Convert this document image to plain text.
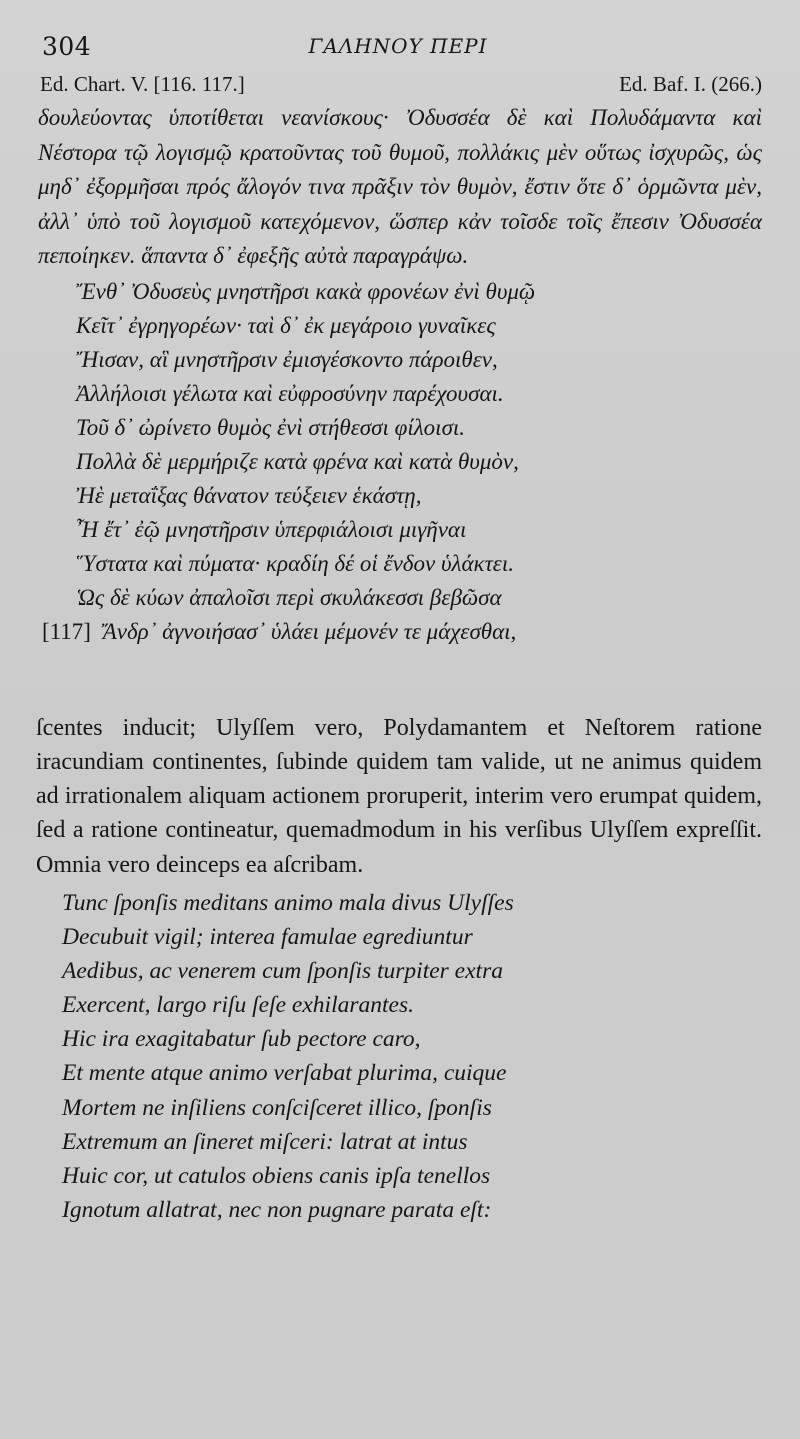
304	ΓΑΛΗΝΟΥ ΠΕΡΙ
Ed. Chart. V. [116. 117.]	Ed. Baf. I. (266.)

δουλεύοντας ὑποτίθεται νεανίσκους· Ὀδυσσέα δὲ καὶ Πολυδάμαντα καὶ Νέστορα τῷ λογισμῷ κρατοῦντας τοῦ θυμοῦ, πολλάκις μὲν οὕτως ἰσχυρῶς, ὡς μηδ᾽ ἐξορμῆσαι πρός ἄλογόν τινα πρᾶξιν τὸν θυμὸν, ἔστιν ὅτε δ᾽ ὁρμῶντα μὲν, ἀλλ᾽ ὑπὸ τοῦ λογισμοῦ κατεχόμενον, ὥσπερ κἀν τοῖσδε τοῖς ἔπεσιν Ὀδυσσέα πεποίηκεν. ἅπαντα δ᾽ ἐφεξῆς αὐτὰ παραγράψω.

Ἔνθ᾽ Ὀδυσεὺς μνηστῆρσι κακὰ φρονέων ἐνὶ θυμῷ
Κεῖτ᾽ ἐγρηγορέων· ταὶ δ᾽ ἐκ μεγάροιο γυναῖκες
Ἤισαν, αἳ μνηστῆρσιν ἐμισγέσκοντο πάροιθεν,
Ἀλλήλοισι γέλωτα καὶ εὐφροσύνην παρέχουσαι.
Τοῦ δ᾽ ὠρίνετο θυμὸς ἐνὶ στήθεσσι φίλοισι.
Πολλὰ δὲ μερμήριζε κατὰ φρένα καὶ κατὰ θυμὸν,
Ἠὲ μεταΐξας θάνατον τεύξειεν ἑκάστῃ,
Ἦ ἔτ᾽ ἐῷ μνηστῆρσιν ὑπερφιάλοισι μιγῆναι
Ὕστατα καὶ πύματα· κραδίη δέ οἱ ἔνδον ὑλάκτει.
Ὡς δὲ κύων ἀπαλοῖσι περὶ σκυλάκεσσι βεβῶσα
[117] Ἄνδρ᾽ ἀγνοιήσασ᾽ ὑλάει μέμονέν τε μάχεσθαι,

ſcentes inducit; Ulyſſem vero, Polydamantem et Neſtorem ratione iracundiam continentes, ſubinde quidem tam valide, ut ne animus quidem ad irrationalem aliquam actionem proruperit, interim vero erumpat quidem, ſed a ratione contineatur, quemadmodum in his verſibus Ulyſſem expreſſit. Omnia vero deinceps ea aſcribam.

Tunc ſponſis meditans animo mala divus Ulyſſes
Decubuit vigil; interea famulae egrediuntur
Aedibus, ac venerem cum ſponſis turpiter extra
Exercent, largo riſu ſeſe exhilarantes.
Hic ira exagitabatur ſub pectore caro,
Et mente atque animo verſabat plurima, cuique
Mortem ne inſiliens conſciſceret illico, ſponſis
Extremum an ſineret miſceri: latrat at intus
Huic cor, ut catulos obiens canis ipſa tenellos
Ignotum allatrat, nec non pugnare parata eſt:
